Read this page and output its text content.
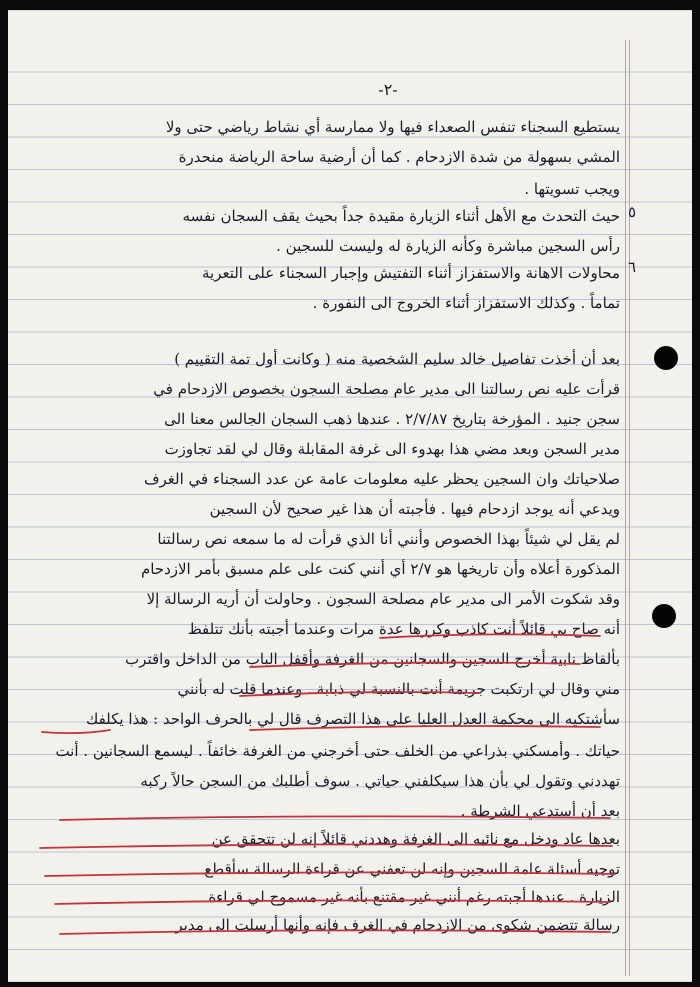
-٢-
يستطيع السجناء تنفس الصعداء فيها ولا ممارسة أي نشاط رياضي حتى ولا
المشي بسهولة من شدة الازدحام . كما أن أرضية ساحة الرياضة منحدرة
ويجب تسويتها .
٥
حيث التحدث مع الأهل أثناء الزيارة مقيدة جداً بحيث يقف السجان نفسه
رأس السجين مباشرة وكأنه الزيارة له وليست للسجين .
٦
محاولات الاهانة والاستفزاز أثناء التفتيش وإجبار السجناء على التعرية
تماماً . وكذلك الاستفزاز أثناء الخروج الى النفورة .
بعد أن أخذت تفاصيل خالد سليم الشخصية منه ( وكانت أول تمة التقييم )
قرأت عليه نص رسالتنا الى مدير عام مصلحة السجون بخصوص الازدحام في
سجن جنيد . المؤرخة بتاريخ ٢/٧/٨٧ . عندها ذهب السجان الجالس معنا الى
مدير السجن وبعد مضي هذا بهدوء الى غرفة المقابلة وقال لي لقد تجاوزت
صلاحياتك وان السجين يحظر عليه معلومات عامة عن عدد السجناء في الغرف
ويدعي أنه يوجد ازدحام فيها . فأجبته أن هذا غير صحيح لأن السجين
لم يقل لي شيئاً بهذا الخصوص وأنني أنا الذي قرأت له ما سمعه نص رسالتنا
المذكورة أعلاه وأن تاريخها هو ٢/٧ أي أنني كنت على علم مسبق بأمر الازدحام
وقد شكوت الأمر الى مدير عام مصلحة السجون . وحاولت أن أريه الرسالة إلا
أنه صاح بي قائلاً أنت كاذب وكررها عدة مرات وعندما أجبته بأنك تتلفظ
بألفاظ نابية أخرج السجين والسجانين من الغرفة وأقفل الباب من الداخل واقترب
مني وقال لي ارتكبت جريمة أنت بالنسبة لي ذبابة . وعندما قلت له بأنني
سأشتكيه الى محكمة العدل العليا على هذا التصرف قال لي بالحرف الواحد : هذا يكلفك
حياتك . وأمسكني بذراعي من الخلف حتى أخرجني من الغرفة خائفاً . ليسمع السجانين . أنت
تهددني وتقول لي بأن هذا سيكلفني حياتي . سوف أطلبك من السجن حالاً ركبه
بعد أن أستدعي الشرطة .
بعدها عاد ودخل مع نائبه الى الغرفة وهددني قائلاً إنه لن تتحقق عن
توجيه أسئلة عامة للسجين وإنه لن تعفني عن قراءة الرسالة سأقطع
الزيارة . عندها أجبته رغم أنني غير مقتنع بأنه غير مسموح لي قراءة
رسالة تتضمن شكوى من الازدحام في الغرف فإنه وأنها أرسلت الى مدير
